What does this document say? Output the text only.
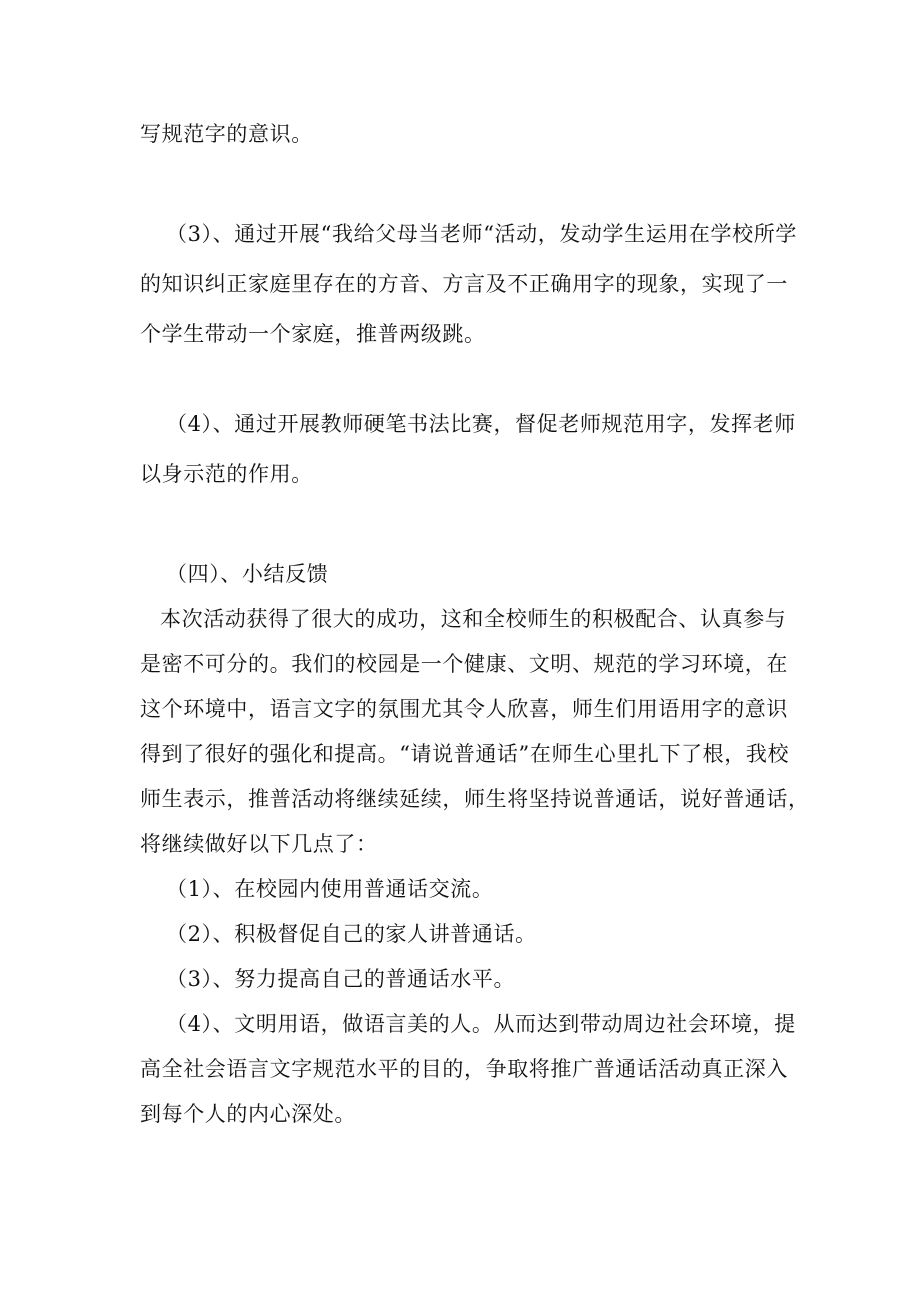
写规范字的意识。
（3）、通过开展“我给父母当老师“活动，发动学生运用在学校所学
的知识纠正家庭里存在的方音、方言及不正确用字的现象，实现了一
个学生带动一个家庭，推普两级跳。
（4）、通过开展教师硬笔书法比赛，督促老师规范用字，发挥老师
以身示范的作用。
（四）、小结反馈
本次活动获得了很大的成功，这和全校师生的积极配合、认真参与
是密不可分的。我们的校园是一个健康、文明、规范的学习环境，在
这个环境中，语言文字的氛围尤其令人欣喜，师生们用语用字的意识
得到了很好的强化和提高。“请说普通话”在师生心里扎下了根，我校
师生表示，推普活动将继续延续，师生将坚持说普通话，说好普通话，
将继续做好以下几点了：
（1）、在校园内使用普通话交流。
（2）、积极督促自己的家人讲普通话。
（3）、努力提高自己的普通话水平。
（4）、文明用语，做语言美的人。从而达到带动周边社会环境，提
高全社会语言文字规范水平的目的，争取将推广普通话活动真正深入
到每个人的内心深处。
